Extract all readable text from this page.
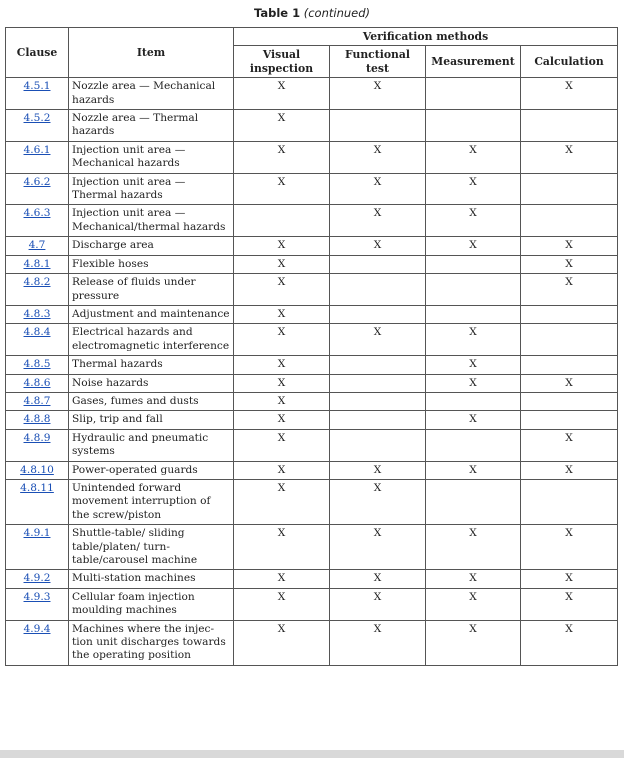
Table 1 (continued)
Clause	Item	Verification methods			
		Visual inspection	Functional test	Measurement	Calculation
4.5.1	Nozzle area — Mechanical hazards	X	X		X
4.5.2	Nozzle area — Thermal hazards	X			
4.6.1	Injection unit area — Mechanical hazards	X	X	X	X
4.6.2	Injection unit area — Thermal hazards	X	X	X	
4.6.3	Injection unit area — Mechanical/thermal hazards		X	X	
4.7	Discharge area	X	X	X	X
4.8.1	Flexible hoses	X			X
4.8.2	Release of fluids under pressure	X			X
4.8.3	Adjustment and maintenance	X			
4.8.4	Electrical hazards and electromagnetic interference	X	X	X	
4.8.5	Thermal hazards	X		X	
4.8.6	Noise hazards	X		X	X
4.8.7	Gases, fumes and dusts	X			
4.8.8	Slip, trip and fall	X		X	
4.8.9	Hydraulic and pneumatic systems	X			X
4.8.10	Power-operated guards	X	X	X	X
4.8.11	Unintended forward movement interruption of the screw/piston	X	X		
4.9.1	Shuttle-table/ sliding table/platen/ turn-table/carousel machine	X	X	X	X
4.9.2	Multi-station machines	X	X	X	X
4.9.3	Cellular foam injection moulding machines	X	X	X	X
4.9.4	Machines where the injec-tion unit discharges towards the operating position	X	X	X	X
